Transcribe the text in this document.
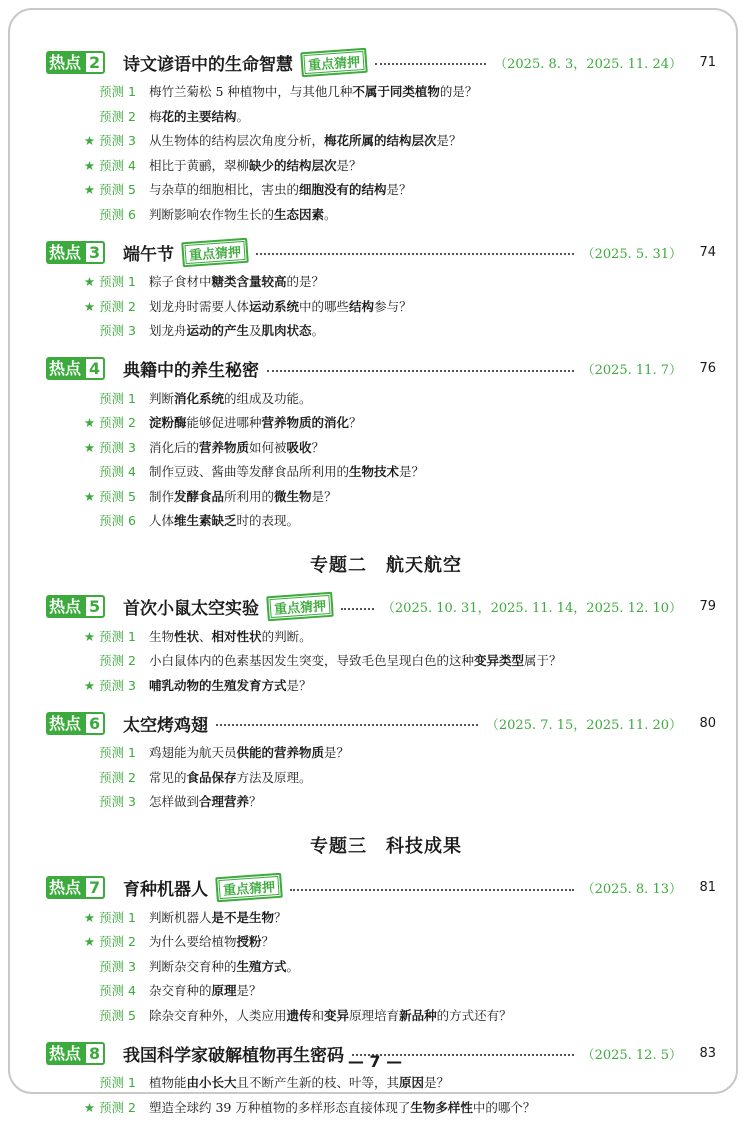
热点 2 诗文谚语中的生命智慧	重点猜押	（2025. 8. 3，2025. 11. 24）	71
预测 1 梅竹兰菊松 5 种植物中，与其他几种不属于同类植物的是？
预测 2 梅花的主要结构。
★ 预测 3 从生物体的结构层次角度分析，梅花所属的结构层次是？
★ 预测 4 相比于黄鹂，翠柳缺少的结构层次是？
★ 预测 5 与杂草的细胞相比，害虫的细胞没有的结构是？
预测 6 判断影响农作物生长的生态因素。
热点 3 端午节	重点猜押	（2025. 5. 31）	74
★ 预测 1 粽子食材中糖类含量较高的是？
★ 预测 2 划龙舟时需要人体运动系统中的哪些结构参与？
预测 3 划龙舟运动的产生及肌肉状态。
热点 4 典籍中的养生秘密	（2025. 11. 7）	76
预测 1 判断消化系统的组成及功能。
★ 预测 2 淀粉酶能够促进哪种营养物质的消化？
★ 预测 3 消化后的营养物质如何被吸收？
预测 4 制作豆豉、酱曲等发酵食品所利用的生物技术是？
★ 预测 5 制作发酵食品所利用的微生物是？
预测 6 人体维生素缺乏时的表现。
专题二　航天航空
热点 5 首次小鼠太空实验	重点猜押	（2025. 10. 31，2025. 11. 14，2025. 12. 10）	79
★ 预测 1 生物性状、相对性状的判断。
预测 2 小白鼠体内的色素基因发生突变，导致毛色呈现白色的这种变异类型属于？
★ 预测 3 哺乳动物的生殖发育方式是？
热点 6 太空烤鸡翅	（2025. 7. 15，2025. 11. 20）	80
预测 1 鸡翅能为航天员供能的营养物质是？
预测 2 常见的食品保存方法及原理。
预测 3 怎样做到合理营养？
专题三　科技成果
热点 7 育种机器人	重点猜押	（2025. 8. 13）	81
★ 预测 1 判断机器人是不是生物？
★ 预测 2 为什么要给植物授粉？
预测 3 判断杂交育种的生殖方式。
预测 4 杂交育种的原理是？
预测 5 除杂交育种外，人类应用遗传和变异原理培育新品种的方式还有？
热点 8 我国科学家破解植物再生密码	（2025. 12. 5）	83
预测 1 植物能由小长大且不断产生新的枝、叶等，其原因是？
★ 预测 2 塑造全球约 39 万种植物的多样形态直接体现了生物多样性中的哪个？
— 7 —
